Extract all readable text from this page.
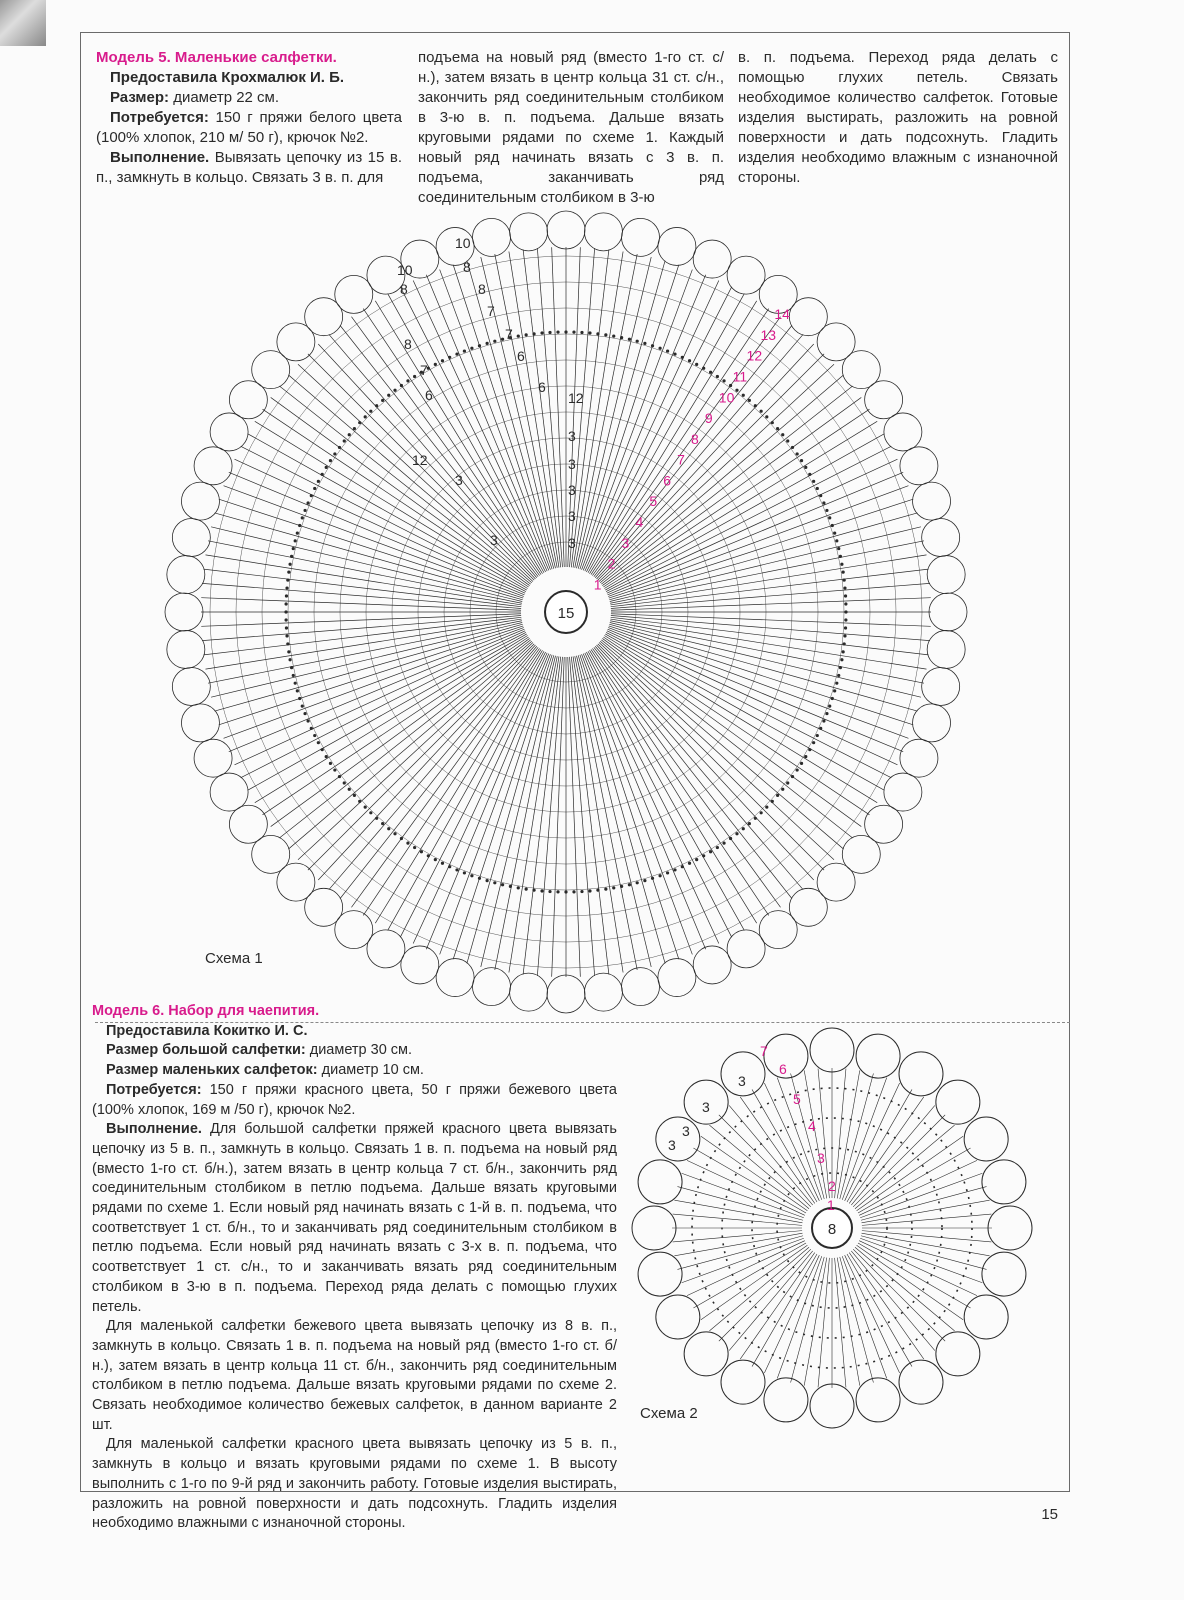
Модель 5. Маленькие салфетки.

Предоставила Крохмалюк И. Б.

Размер: диаметр 22 см.

Потребуется: 150 г пряжи белого цвета (100% хлопок, 210 м/ 50 г), крючок №2.

Выполнение. Вывязать цепочку из 15 в. п., замкнуть в кольцо. Связать 3 в. п. для

подъема на новый ряд (вместо 1-го ст. с/н.), затем вязать в центр кольца 31 ст. с/н., закончить ряд соединительным столбиком в 3-ю в. п. подъема. Дальше вязать круговыми рядами по схеме 1. Каждый новый ряд начинать вязать с 3 в. п. подъема, заканчивать ряд соединительным столбиком в 3-ю

в. п. подъема. Переход ряда делать с помощью глухих петель. Связать необходимое количество салфеток. Готовые изделия выстирать, разложить на ровной поверхности и дать подсохнуть. Гладить изделия необходимо влажным с изнаночной стороны.

15
1
2
3
4
5
6
7
8
9
10
11
12
13
14
3
3
3
3
3
3
3
6
6
6
7
7
7
8
8	8
8
10
10
12
12
Схема 1

Модель 6. Набор для чаепития.

Предоставила Кокитко И. С.

Размер большой салфетки: диаметр 30 см.

Размер маленьких салфеток: диаметр 10 см.

Потребуется: 150 г пряжи красного цвета, 50 г пряжи бежевого цвета (100% хлопок, 169 м /50 г), крючок №2.

Выполнение. Для большой салфетки пряжей красного цвета вывязать цепочку из 5 в. п., замкнуть в кольцо. Связать 1 в. п. подъема на новый ряд (вместо 1-го ст. б/н.), затем вязать в центр кольца 7 ст. б/н., закончить ряд соединительным столбиком в петлю подъема. Дальше вязать круговыми рядами по схеме 1. Если новый ряд начинать вязать с 1-й в. п. подъема, что соответствует 1 ст. б/н., то и заканчивать ряд соединительным столбиком в петлю подъема. Если новый ряд начинать вязать с 3-х в. п. подъема, что соответствует 1 ст. с/н., то и заканчивать вязать ряд соединительным столбиком в 3-ю в п. подъема. Переход ряда делать с помощью глухих петель.

Для маленькой салфетки бежевого цвета вывязать цепочку из 8 в. п., замкнуть в кольцо. Связать 1 в. п. подъема на новый ряд (вместо 1-го ст. б/н.), затем вязать в центр кольца 11 ст. б/н., закончить ряд соединительным столбиком в петлю подъема. Дальше вязать круговыми рядами по схеме 2. Связать необходимое количество бежевых салфеток, в данном варианте 2 шт.

Для маленькой салфетки красного цвета вывязать цепочку из 5 в. п., замкнуть в кольцо и вязать круговыми рядами по схеме 1. В высоту выполнить с 1-го по 9-й ряд и закончить работу. Готовые изделия выстирать, разложить на ровной поверхности и дать подсохнуть. Гладить изделия необходимо влажными с изнаночной стороны.

8
1
2
3
4
5
6
7
3
3
3
3
Схема 2
15
